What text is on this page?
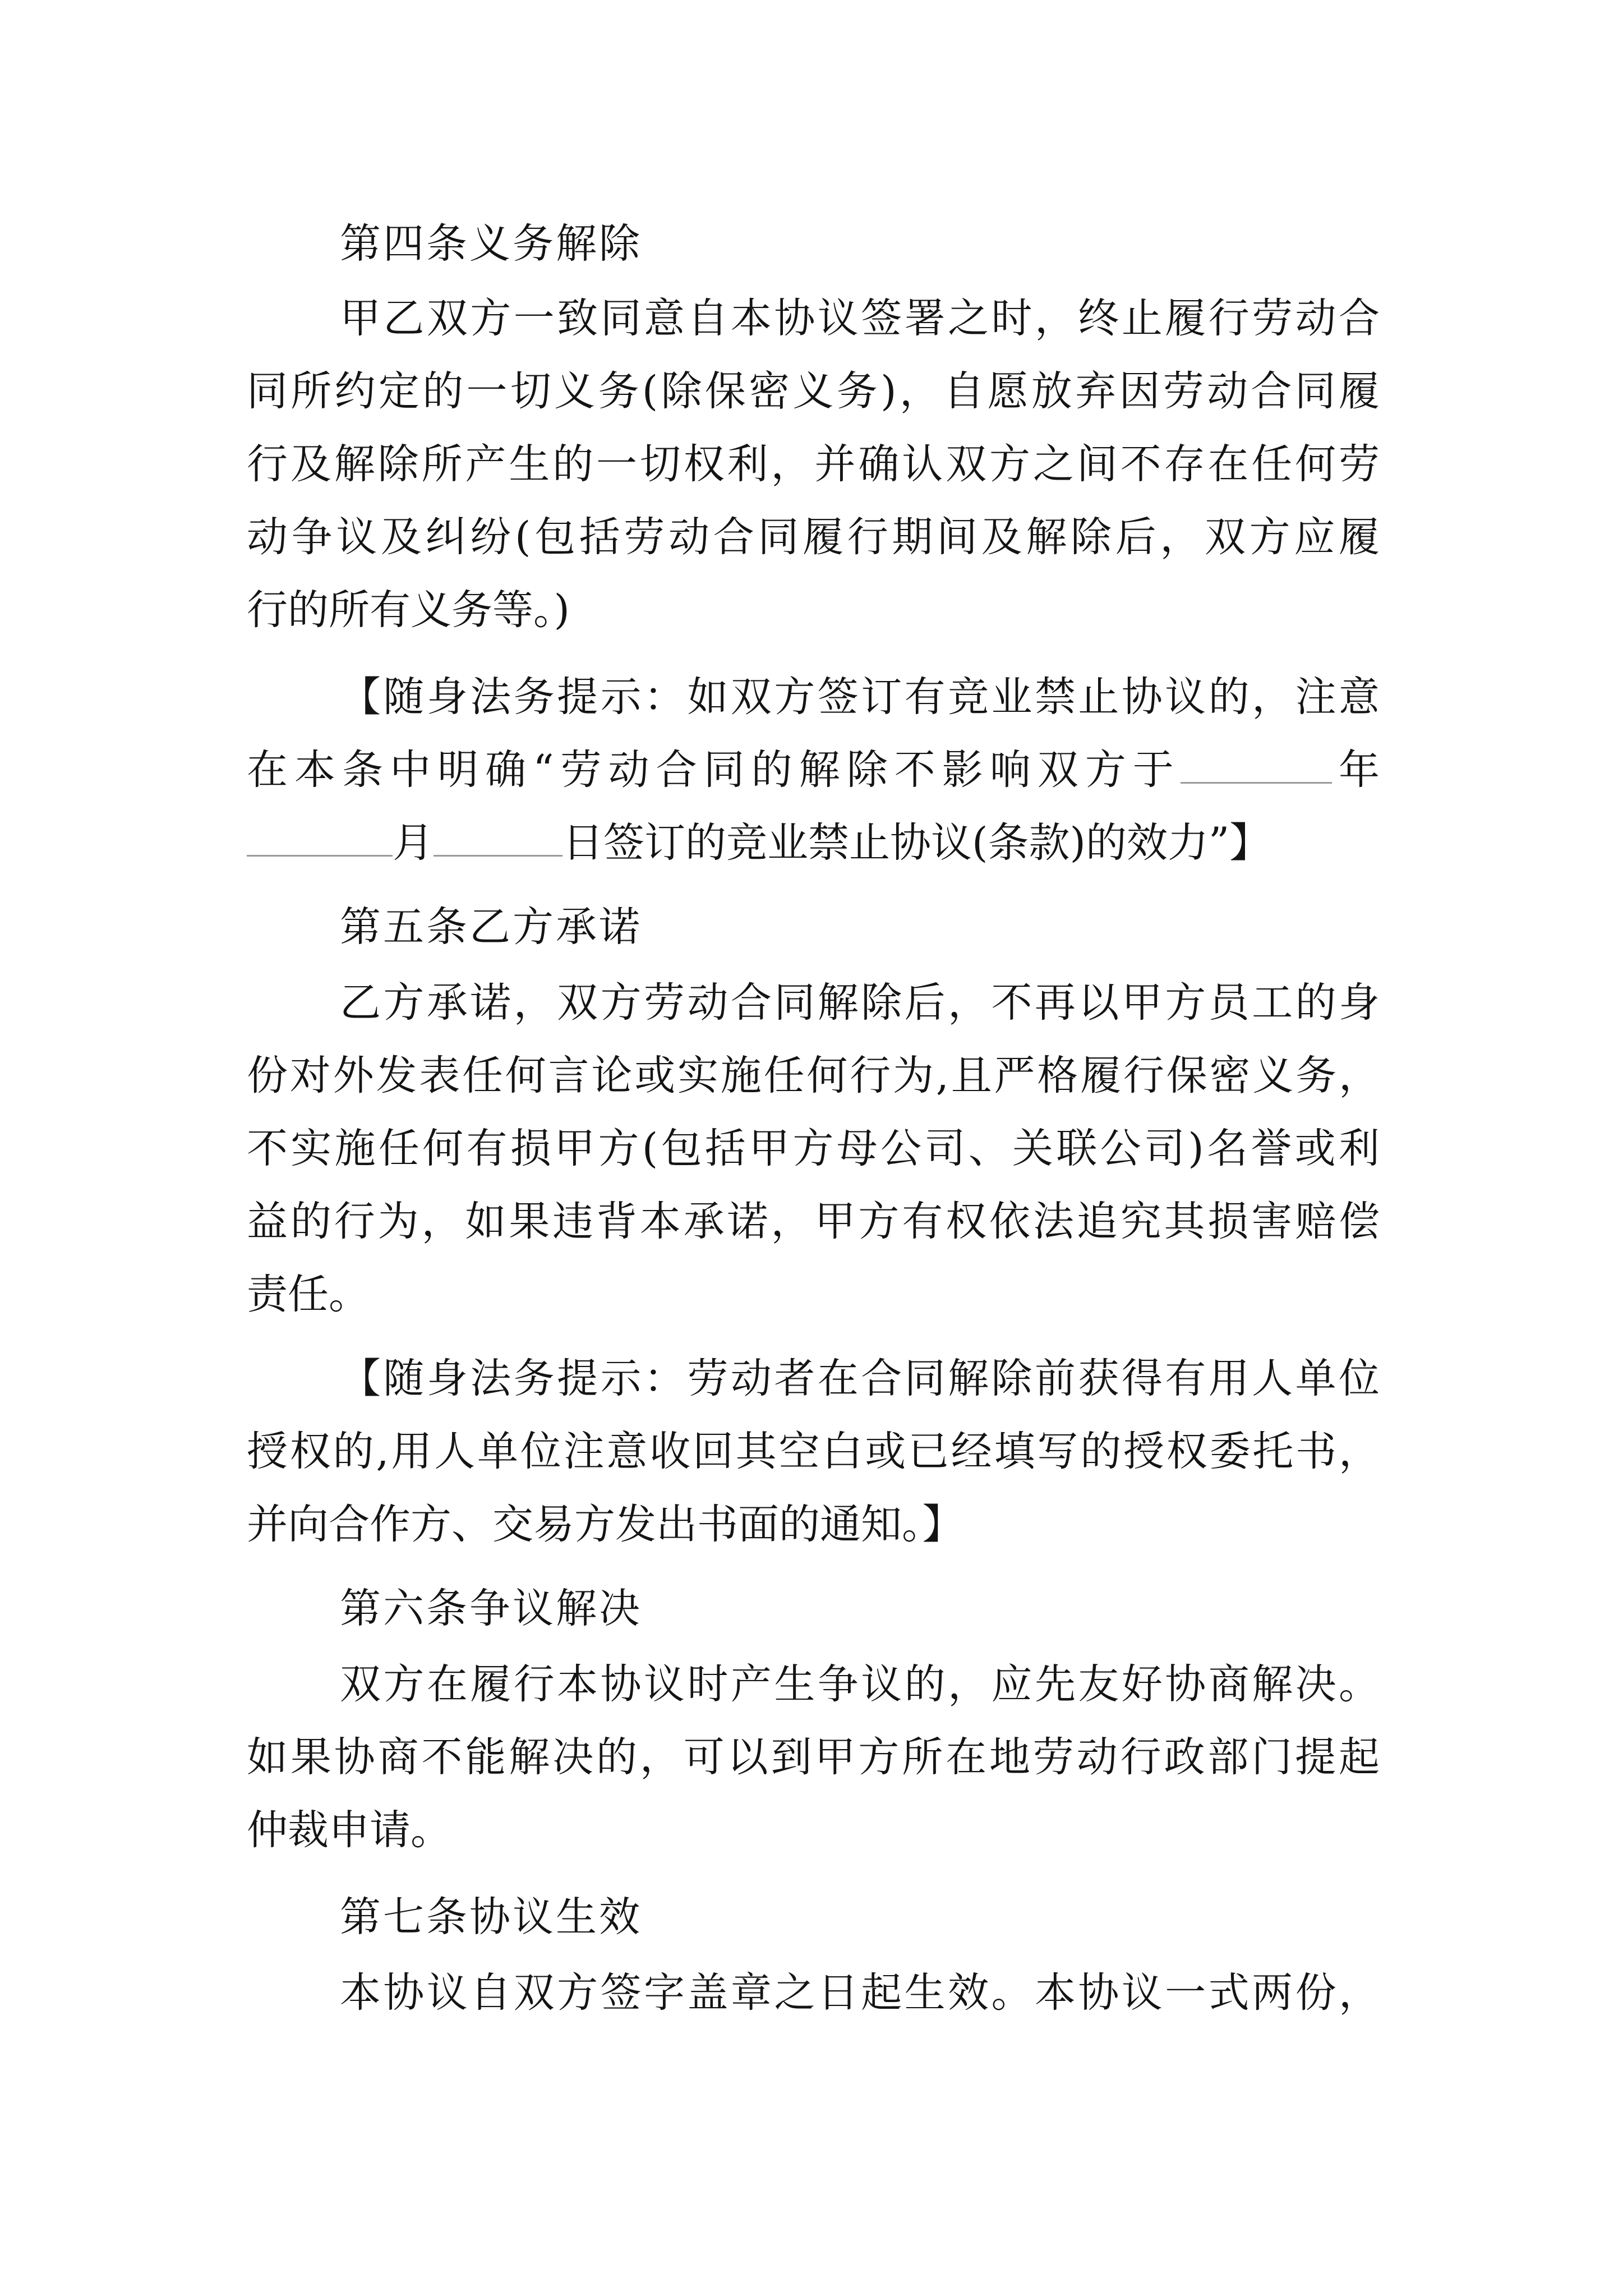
第四条义务解除
甲乙双方一致同意自本协议签署之时，终止履行劳动合
同所约定的一切义务(除保密义务)，自愿放弃因劳动合同履
行及解除所产生的一切权利，并确认双方之间不存在任何劳
动争议及纠纷(包括劳动合同履行期间及解除后，双方应履
行的所有义务等。)
【随身法务提示：如双方签订有竞业禁止协议的，注意
在本条中明确“劳动合同的解除不影响双方于	年
月	日签订的竞业禁止协议(条款)的效力”】
第五条乙方承诺
乙方承诺，双方劳动合同解除后，不再以甲方员工的身
份对外发表任何言论或实施任何行为,且严格履行保密义务，
不实施任何有损甲方(包括甲方母公司、关联公司)名誉或利
益的行为，如果违背本承诺，甲方有权依法追究其损害赔偿
责任。
【随身法务提示：劳动者在合同解除前获得有用人单位
授权的,用人单位注意收回其空白或已经填写的授权委托书，
并向合作方、交易方发出书面的通知。】
第六条争议解决
双方在履行本协议时产生争议的，应先友好协商解决。
如果协商不能解决的，可以到甲方所在地劳动行政部门提起
仲裁申请。
第七条协议生效
本协议自双方签字盖章之日起生效。本协议一式两份，
